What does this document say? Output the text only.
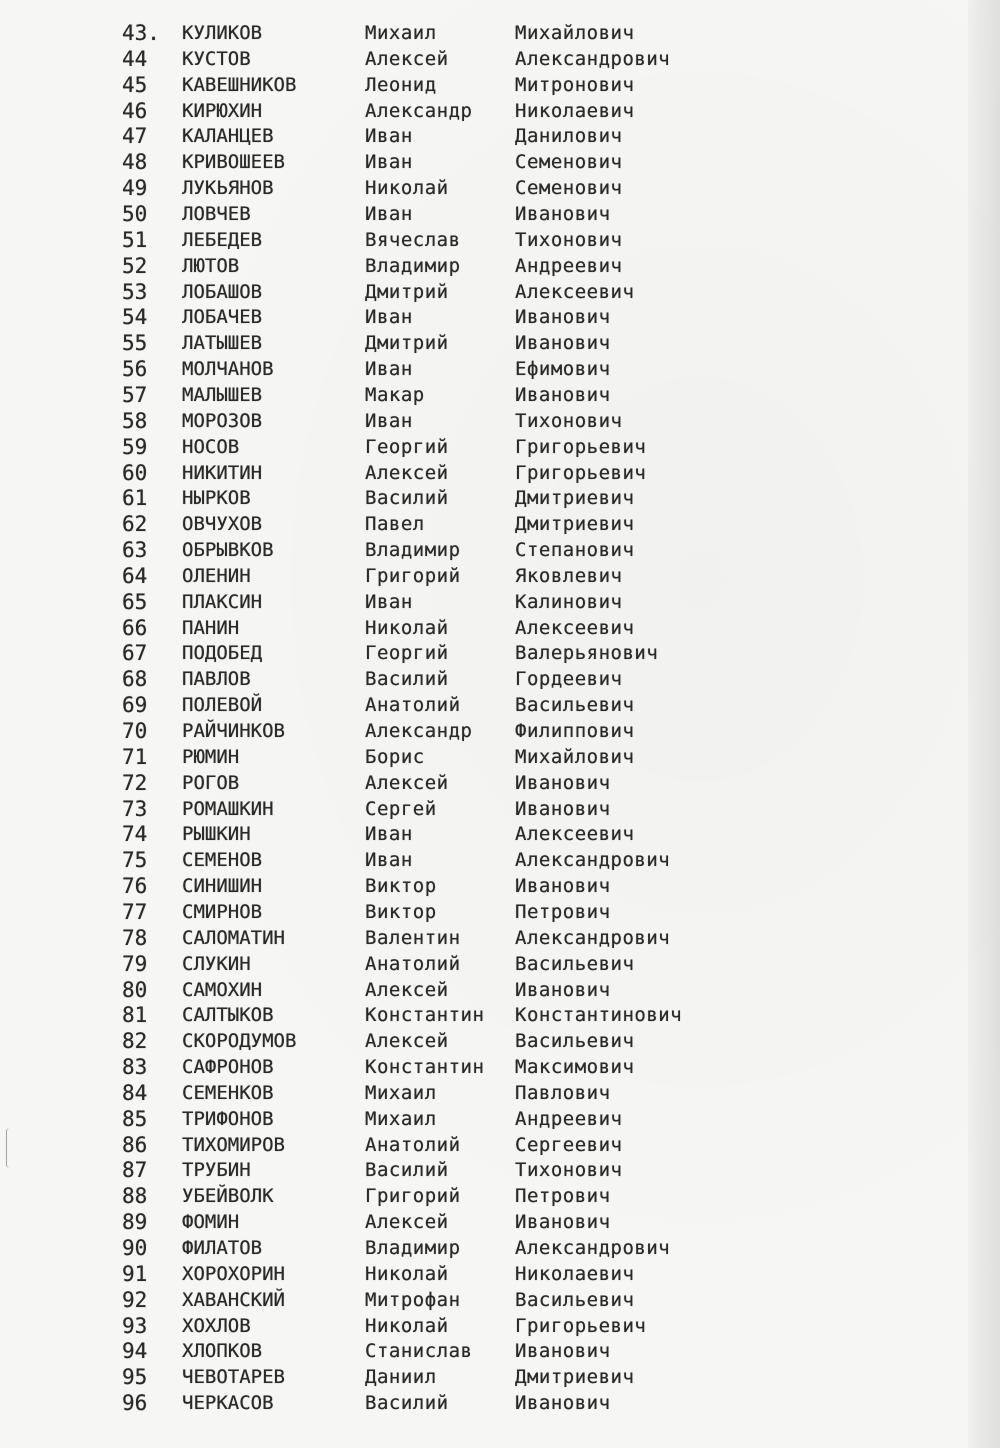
43. КУЛИКОВ	Михаил	Михайлович
44 КУСТОВ	Алексей	Александрович
45 КАВЕШНИКОВ	Леонид	Митронович
46 КИРЮХИН	Александр Николаевич
47 КАЛАНЦЕВ	Иван	Данилович
48 КРИВОШЕЕВ	Иван	Семенович
49 ЛУКЬЯНОВ	Николай	Семенович
50 ЛОВЧЕВ	Иван	Иванович
51 ЛЕБЕДЕВ	Вячеслав	Тихонович
52 ЛЮТОВ	Владимир	Андреевич
53 ЛОБАШОВ	Дмитрий	Алексеевич
54 ЛОБАЧЕВ	Иван	Иванович
55 ЛАТЫШЕВ	Дмитрий	Иванович
56 МОЛЧАНОВ	Иван	Ефимович
57 МАЛЫШЕВ	Макар	Иванович
58 МОРОЗОВ	Иван	Тихонович
59 НОСОВ	Георгий	Григорьевич
60 НИКИТИН	Алексей	Григорьевич
61 НЫРКОВ	Василий	Дмитриевич
62 ОВЧУХОВ	Павел	Дмитриевич
63 ОБРЫВКОВ	Владимир	Степанович
64 ОЛЕНИН	Григорий	Яковлевич
65 ПЛАКСИН	Иван	Калинович
66 ПАНИН	Николай	Алексеевич
67 ПОДОБЕД	Георгий	Валерьянович
68 ПАВЛОВ	Василий	Гордеевич
69 ПОЛЕВОЙ	Анатолий	Васильевич
70 РАЙЧИНКОВ	Александр Филиппович
71 РЮМИН	Борис	Михайлович
72 РОГОВ	Алексей	Иванович
73 РОМАШКИН	Сергей	Иванович
74 РЫШКИН	Иван	Алексеевич
75 СЕМЕНОВ	Иван	Александрович
76 СИНИШИН	Виктор	Иванович
77 СМИРНОВ	Виктор	Петрович
78 САЛОМАТИН	Валентин	Александрович
79 СЛУКИН	Анатолий	Васильевич
80 САМОХИН	Алексей	Иванович
81 САЛТЫКОВ	Константин Константинович
82 СКОРОДУМОВ	Алексей	Васильевич
83 САФРОНОВ	Константин Максимович
84 СЕМЕНКОВ	Михаил	Павлович
85 ТРИФОНОВ	Михаил	Андреевич
86 ТИХОМИРОВ	Анатолий	Сергеевич
87 ТРУБИН	Василий	Тихонович
88 УБЕЙВОЛК	Григорий	Петрович
89 ФОМИН	Алексей	Иванович
90 ФИЛАТОВ	Владимир	Александрович
91 ХОРОХОРИН	Николай	Николаевич
92 ХАВАНСКИЙ	Митрофан	Васильевич
93 ХОХЛОВ	Николай	Григорьевич
94 ХЛОПКОВ	Станислав Иванович
95 ЧЕВОТАРЕВ	Даниил	Дмитриевич
96 ЧЕРКАСОВ	Василий	Иванович
